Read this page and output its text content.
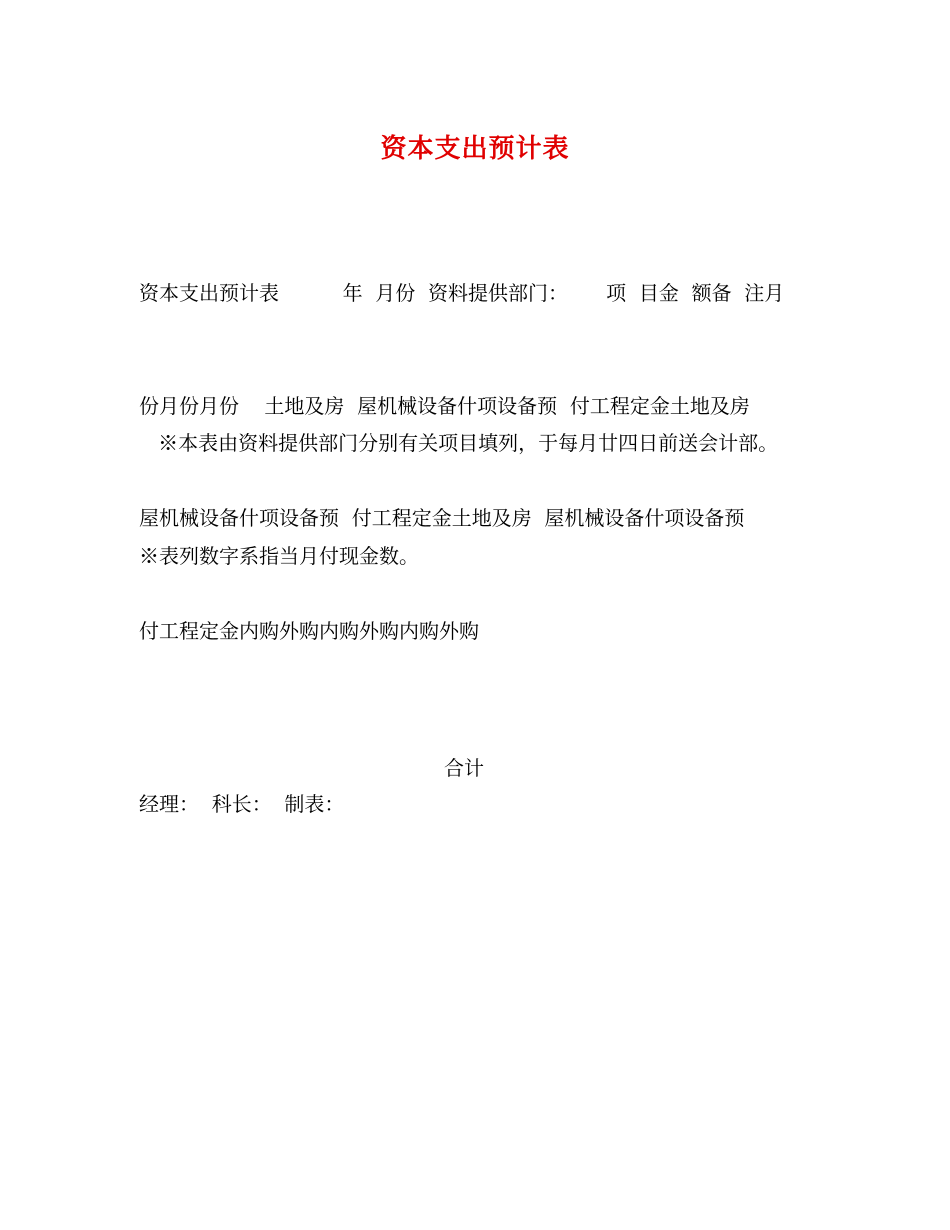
资本支出预计表

资本支出预计表          年  月份  资料提供部门：      项  目金  额备  注月

份月份月份    土地及房  屋机械设备什项设备预  付工程定金土地及房

屋机械设备什项设备预  付工程定金土地及房  屋机械设备什项设备预

付工程定金内购外购内购外购内购外购

※本表由资料提供部门分别有关项目填列，于每月廿四日前送会计部。

※表列数字系指当月付现金数。

合计
经理：  科长：  制表：
